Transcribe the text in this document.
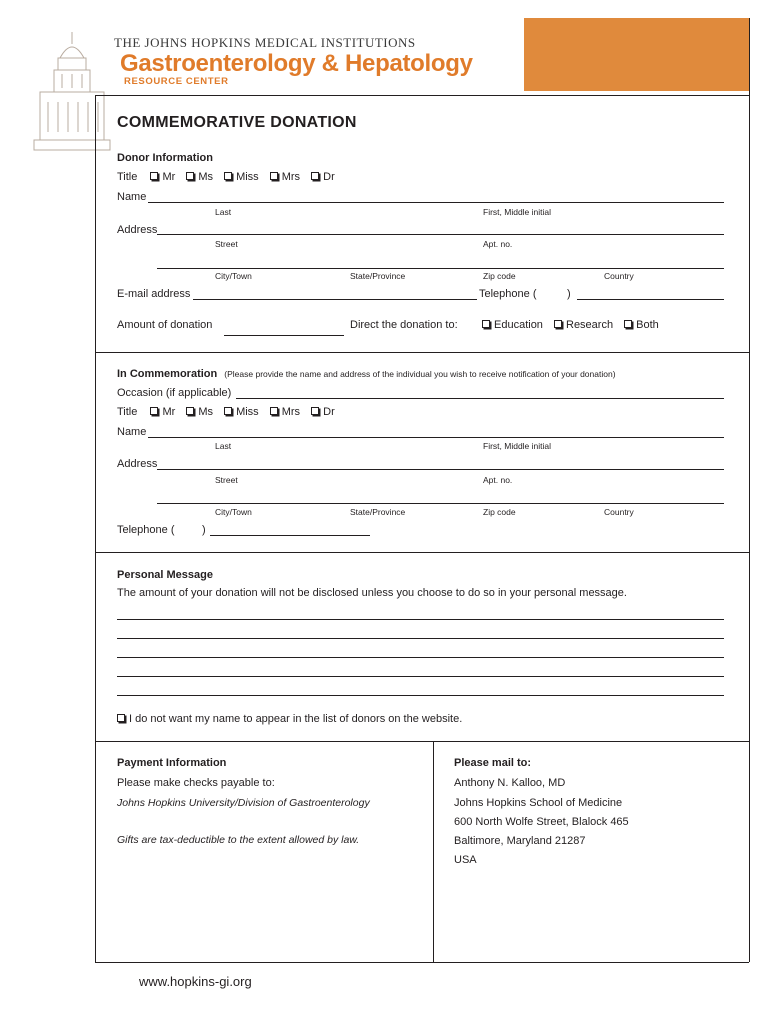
THE JOHNS HOPKINS MEDICAL INSTITUTIONS
Gastroenterology & Hepatology
RESOURCE CENTER
COMMEMORATIVE DONATION
Donor Information
Title Mr Ms Miss Mrs Dr
Name
Last	First, Middle initial
Address
Street	Apt. no.
City/Town	State/Province	Zip code	Country
E-mail address	Telephone (	)
Amount of donation	Direct the donation to:	Education Research Both
In Commemoration (Please provide the name and address of the individual you wish to receive notification of your donation)
Occasion (if applicable)
Title Mr Ms Miss Mrs Dr
Name
Last	First, Middle initial
Address
Street	Apt. no.
City/Town	State/Province	Zip code	Country
Telephone (	)
Personal Message
The amount of your donation will not be disclosed unless you choose to do so in your personal message.
I do not want my name to appear in the list of donors on the website.
Payment Information
Please make checks payable to:
Johns Hopkins University/Division of Gastroenterology
Gifts are tax-deductible to the extent allowed by law.
Please mail to:
Anthony N. Kalloo, MD
Johns Hopkins School of Medicine
600 North Wolfe Street, Blalock 465
Baltimore, Maryland 21287
USA
www.hopkins-gi.org
